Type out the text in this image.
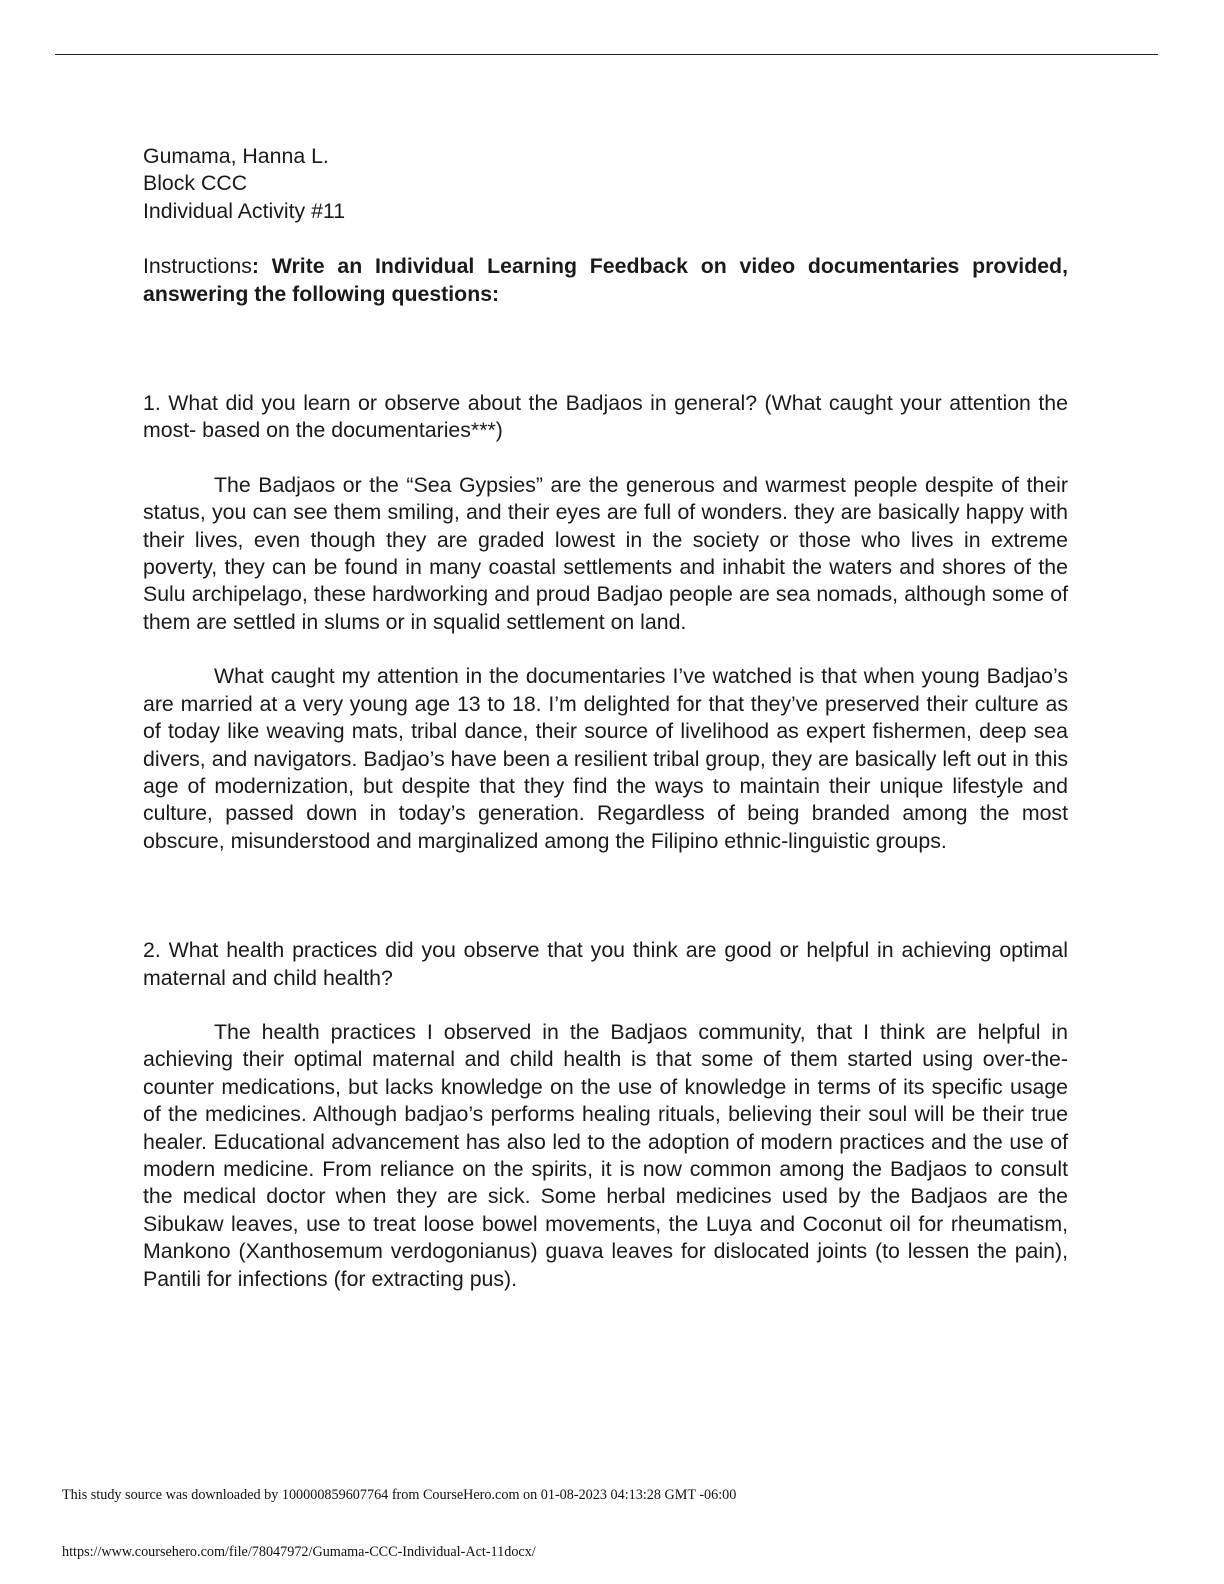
Gumama, Hanna L.
Block CCC
Individual Activity #11
Instructions: Write an Individual Learning Feedback on video documentaries provided, answering the following questions:
1. What did you learn or observe about the Badjaos in general? (What caught your attention the most- based on the documentaries***)
The Badjaos or the “Sea Gypsies” are the generous and warmest people despite of their status, you can see them smiling, and their eyes are full of wonders. they are basically happy with their lives, even though they are graded lowest in the society or those who lives in extreme poverty, they can be found in many coastal settlements and inhabit the waters and shores of the Sulu archipelago, these hardworking and proud Badjao people are sea nomads, although some of them are settled in slums or in squalid settlement on land.
What caught my attention in the documentaries I’ve watched is that when young Badjao’s are married at a very young age 13 to 18. I’m delighted for that they’ve preserved their culture as of today like weaving mats, tribal dance, their source of livelihood as expert fishermen, deep sea divers, and navigators. Badjao’s have been a resilient tribal group, they are basically left out in this age of modernization, but despite that they find the ways to maintain their unique lifestyle and culture, passed down in today’s generation. Regardless of being branded among the most obscure, misunderstood and marginalized among the Filipino ethnic-linguistic groups.
2. What health practices did you observe that you think are good or helpful in achieving optimal maternal and child health?
The health practices I observed in the Badjaos community, that I think are helpful in achieving their optimal maternal and child health is that some of them started using over-the-counter medications, but lacks knowledge on the use of knowledge in terms of its specific usage of the medicines. Although badjao’s performs healing rituals, believing their soul will be their true healer. Educational advancement has also led to the adoption of modern practices and the use of modern medicine. From reliance on the spirits, it is now common among the Badjaos to consult the medical doctor when they are sick. Some herbal medicines used by the Badjaos are the Sibukaw leaves, use to treat loose bowel movements, the Luya and Coconut oil for rheumatism, Mankono (Xanthosemum verdogonianus) guava leaves for dislocated joints (to lessen the pain), Pantili for infections (for extracting pus).
This study source was downloaded by 100000859607764 from CourseHero.com on 01-08-2023 04:13:28 GMT -06:00
https://www.coursehero.com/file/78047972/Gumama-CCC-Individual-Act-11docx/
